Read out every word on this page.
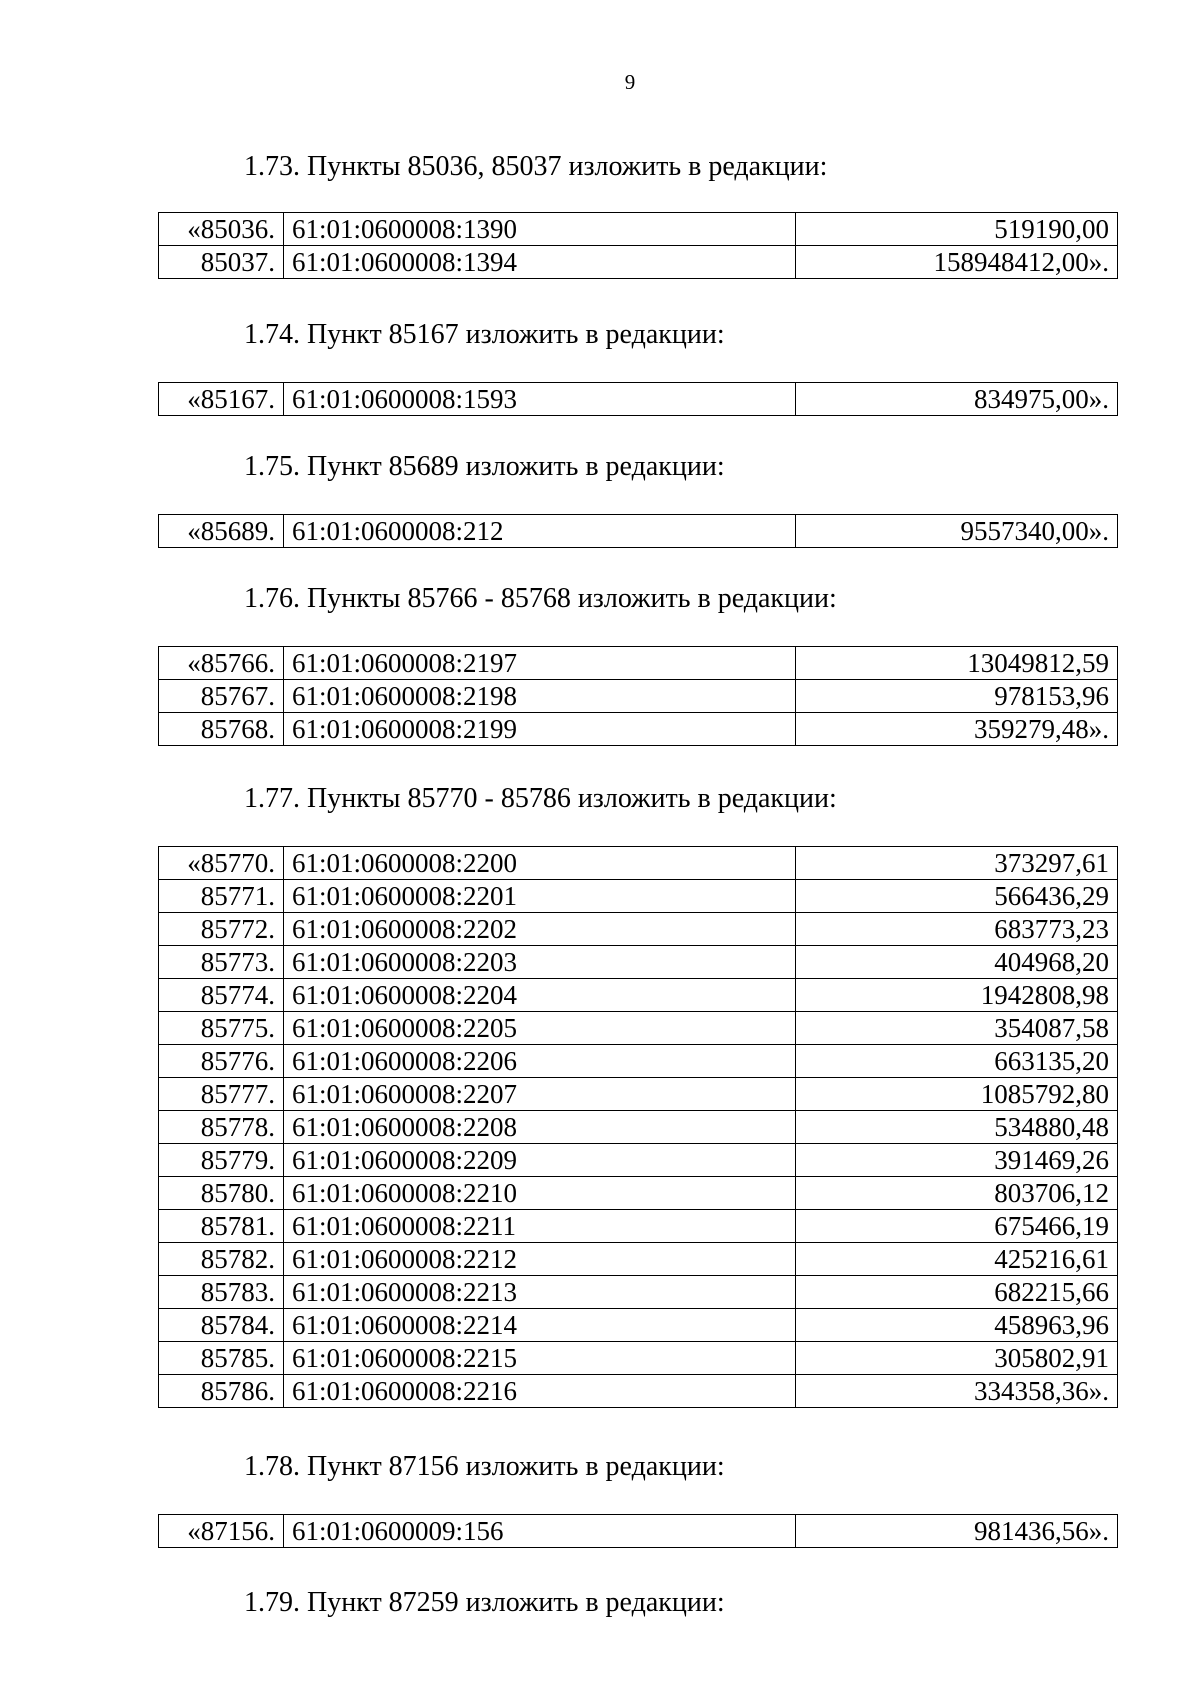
9

1.73. Пункты 85036, 85037 изложить в редакции:

«85036.	61:01:0600008:1390	519190,00
85037.	61:01:0600008:1394	158948412,00».

1.74. Пункт 85167 изложить в редакции:

«85167.	61:01:0600008:1593	834975,00».

1.75. Пункт 85689 изложить в редакции:

«85689.	61:01:0600008:212	9557340,00».

1.76. Пункты 85766 - 85768 изложить в редакции:

«85766.	61:01:0600008:2197	13049812,59
85767.	61:01:0600008:2198	978153,96
85768.	61:01:0600008:2199	359279,48».

1.77. Пункты 85770 - 85786 изложить в редакции:

«85770.	61:01:0600008:2200	373297,61
85771.	61:01:0600008:2201	566436,29
85772.	61:01:0600008:2202	683773,23
85773.	61:01:0600008:2203	404968,20
85774.	61:01:0600008:2204	1942808,98
85775.	61:01:0600008:2205	354087,58
85776.	61:01:0600008:2206	663135,20
85777.	61:01:0600008:2207	1085792,80
85778.	61:01:0600008:2208	534880,48
85779.	61:01:0600008:2209	391469,26
85780.	61:01:0600008:2210	803706,12
85781.	61:01:0600008:2211	675466,19
85782.	61:01:0600008:2212	425216,61
85783.	61:01:0600008:2213	682215,66
85784.	61:01:0600008:2214	458963,96
85785.	61:01:0600008:2215	305802,91
85786.	61:01:0600008:2216	334358,36».

1.78. Пункт 87156 изложить в редакции:

«87156.	61:01:0600009:156	981436,56».

1.79. Пункт 87259 изложить в редакции:
